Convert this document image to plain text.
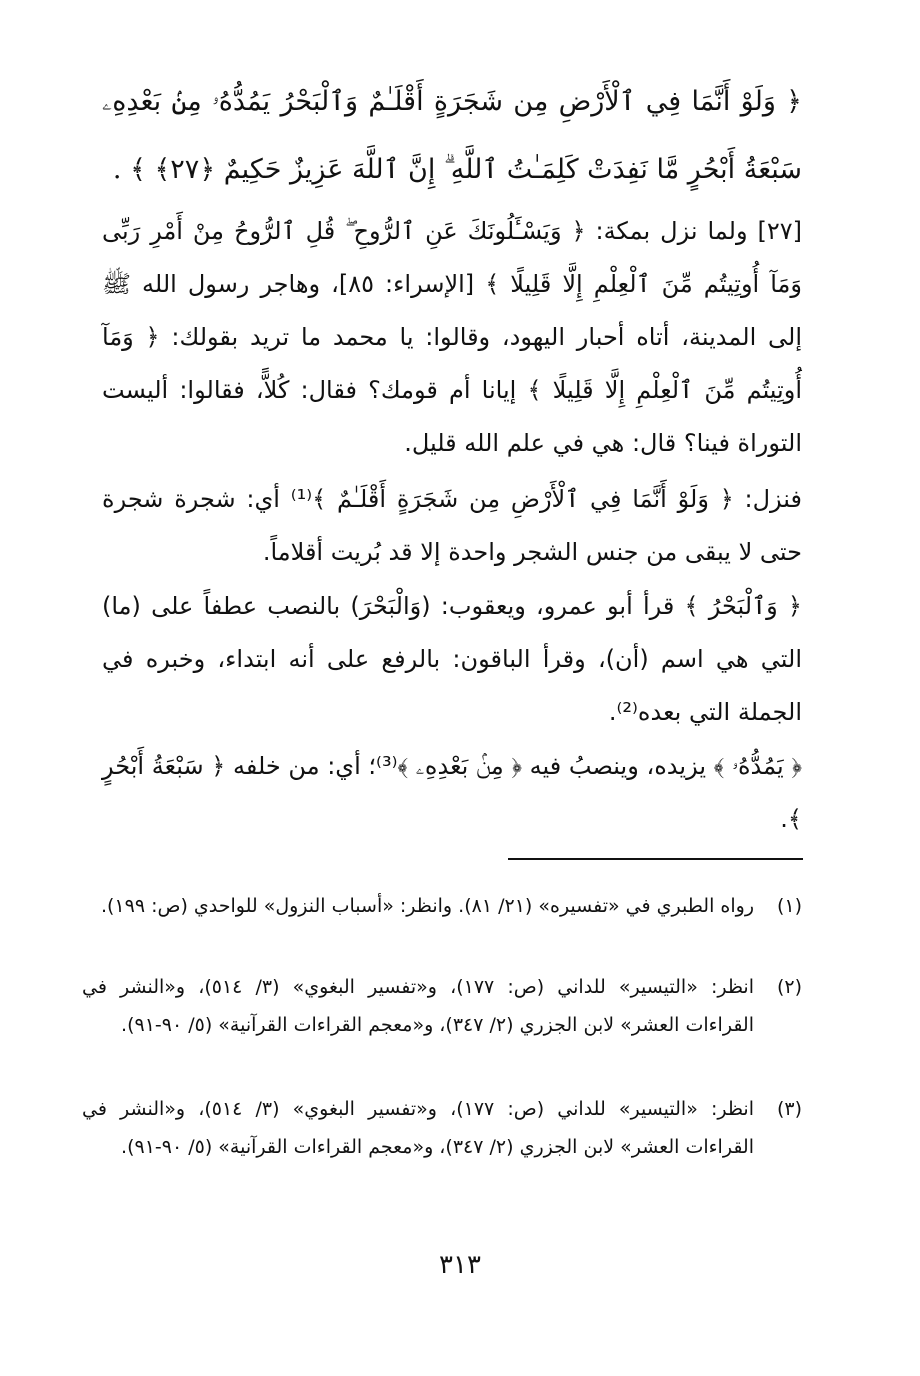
﴿ وَلَوْ أَنَّمَا فِي ٱلْأَرْضِ مِن شَجَرَةٍ أَقْلَـٰمٌ وَٱلْبَحْرُ يَمُدُّهُۥ مِنۢ بَعْدِهِۦ سَبْعَةُ أَبْحُرٍ مَّا نَفِدَتْ كَلِمَـٰتُ ٱللَّهِ ۗ إِنَّ ٱللَّهَ عَزِيزٌ حَكِيمٌ ﴿٢٧﴾ ﴾ .

[٢٧] ولما نزل بمكة: ﴿ وَيَسْـَٔلُونَكَ عَنِ ٱلرُّوحِ ۖ قُلِ ٱلرُّوحُ مِنْ أَمْرِ رَبِّى وَمَآ أُوتِيتُم مِّنَ ٱلْعِلْمِ إِلَّا قَلِيلًا ﴾ [الإسراء: ٨٥]، وهاجر رسول الله ﷺ إلى المدينة، أتاه أحبار اليهود، وقالوا: يا محمد ما تريد بقولك: ﴿ وَمَآ أُوتِيتُم مِّنَ ٱلْعِلْمِ إِلَّا قَلِيلًا ﴾ إيانا أم قومك؟ فقال: كُلاًّ، فقالوا: أليست التوراة فينا؟ قال: هي في علم الله قليل.

فنزل: ﴿ وَلَوْ أَنَّمَا فِي ٱلْأَرْضِ مِن شَجَرَةٍ أَقْلَـٰمٌ ﴾⁽¹⁾ أي: شجرة شجرة حتى لا يبقى من جنس الشجر واحدة إلا قد بُريت أقلاماً.

﴿ وَٱلْبَحْرُ ﴾ قرأ أبو عمرو، ويعقوب: (وَالْبَحْرَ) بالنصب عطفاً على (ما) التي هي اسم (أن)، وقرأ الباقون: بالرفع على أنه ابتداء، وخبره في الجملة التي بعده⁽²⁾.

﴿ يَمُدُّهُۥ ﴾ يزيده، وينصبُ فيه ﴿ مِنۢ بَعْدِهِۦ ﴾⁽³⁾؛ أي: من خلفه ﴿ سَبْعَةُ أَبْحُرٍ ﴾.

(١)
رواه الطبري في «تفسيره» (٢١/ ٨١). وانظر: «أسباب النزول» للواحدي (ص: ١٩٩).
(٢)
انظر: «التيسير» للداني (ص: ١٧٧)، و«تفسير البغوي» (٣/ ٥١٤)، و«النشر في القراءات العشر» لابن الجزري (٢/ ٣٤٧)، و«معجم القراءات القرآنية» (٥/ ٩٠-٩١).
(٣)
انظر: «التيسير» للداني (ص: ١٧٧)، و«تفسير البغوي» (٣/ ٥١٤)، و«النشر في القراءات العشر» لابن الجزري (٢/ ٣٤٧)، و«معجم القراءات القرآنية» (٥/ ٩٠-٩١).
٣١٣
